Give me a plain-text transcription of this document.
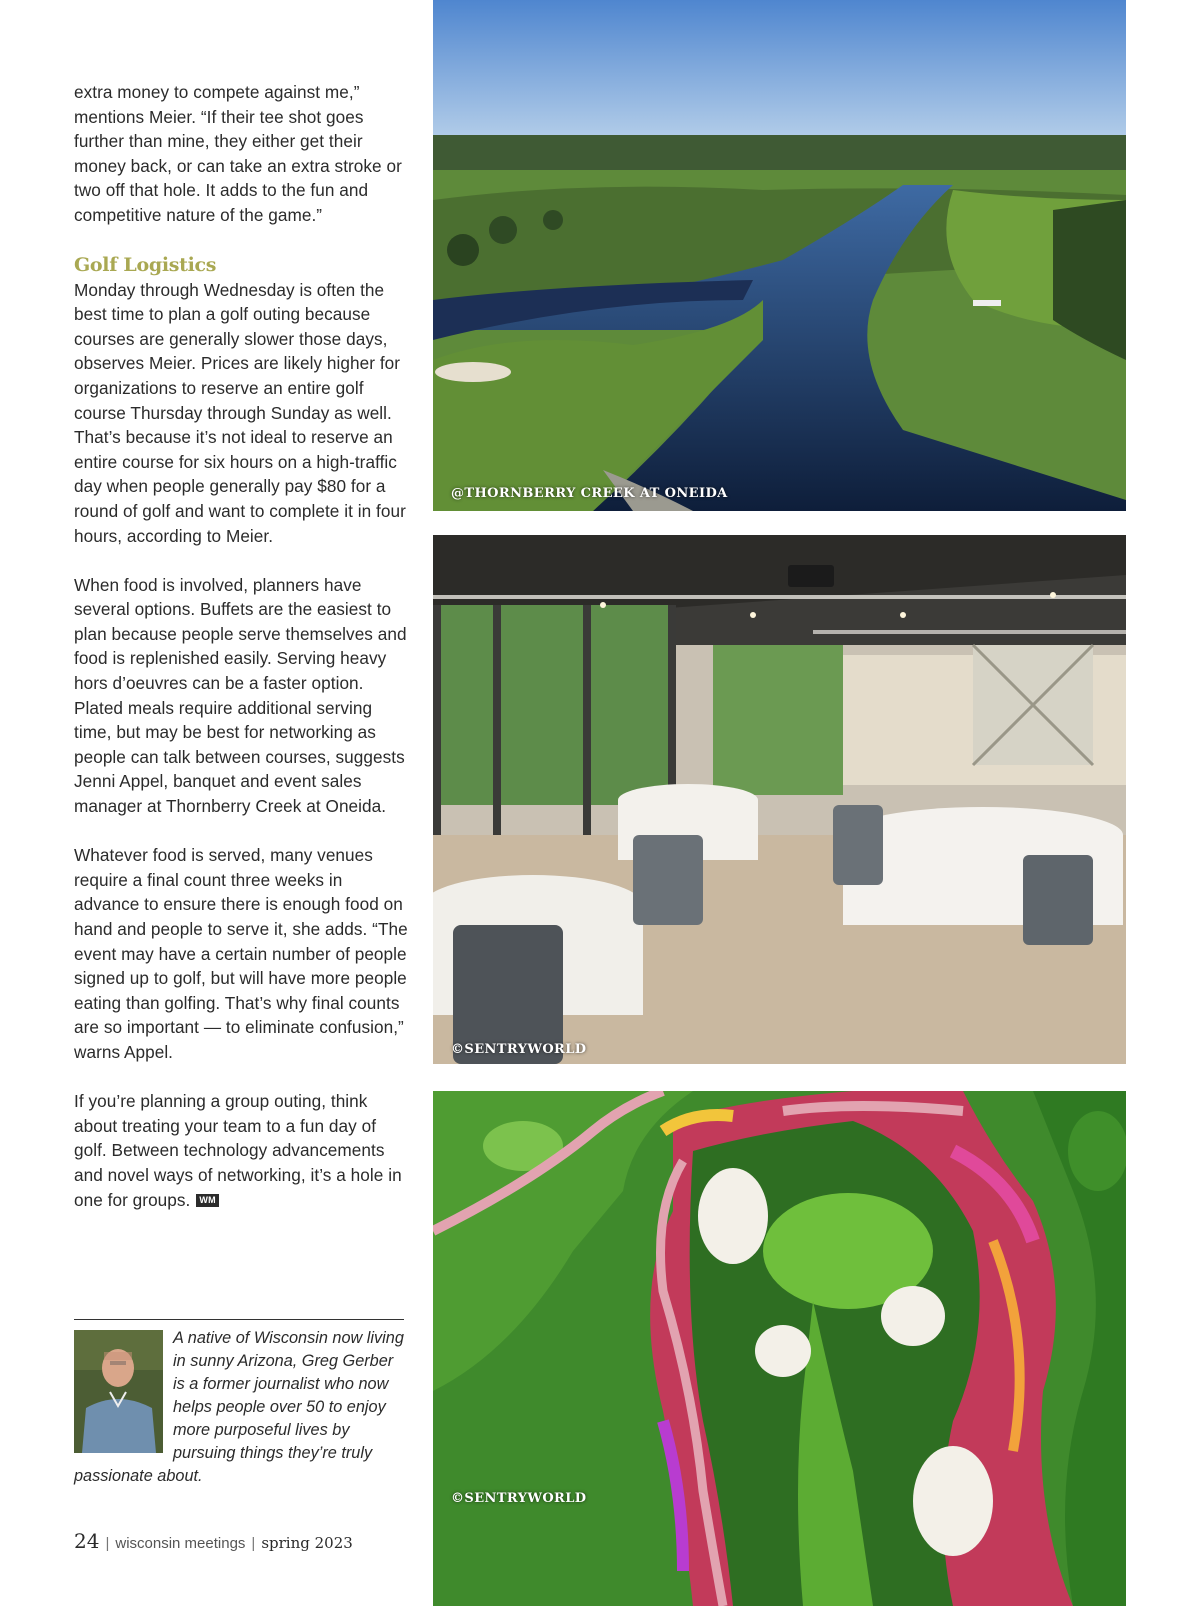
extra money to compete against me,” mentions Meier. “If their tee shot goes further than mine, they either get their money back, or can take an extra stroke or two off that hole. It adds to the fun and competitive nature of the game.”

Golf Logistics

Monday through Wednesday is often the best time to plan a golf outing because courses are generally slower those days, observes Meier. Prices are likely higher for organizations to reserve an entire golf course Thursday through Sunday as well. That’s because it’s not ideal to reserve an entire course for six hours on a high-traffic day when people generally pay $80 for a round of golf and want to complete it in four hours, according to Meier.

When food is involved, planners have several options. Buffets are the easiest to plan because people serve themselves and food is replenished easily. Serving heavy hors d’oeuvres can be a faster option. Plated meals require additional serving time, but may be best for networking as people can talk between courses, suggests Jenni Appel, banquet and event sales manager at Thornberry Creek at Oneida.

Whatever food is served, many venues require a final count three weeks in advance to ensure there is enough food on hand and people to serve it, she adds. “The event may have a certain number of people signed up to golf, but will have more people eating than golfing. That’s why final counts are so important — to eliminate confusion,” warns Appel.

If you’re planning a group outing, think about treating your team to a fun day of golf. Between technology advancements and novel ways of networking, it’s a hole in one for groups. WM

A native of Wisconsin now living in sunny Arizona, Greg Gerber is a former journalist who now helps people over 50 to enjoy more purposeful lives by pursuing things they’re truly passionate about.
24 | wisconsin meetings | spring 2023
@THORNBERRY CREEK AT ONEIDA
©SENTRYWORLD
©SENTRYWORLD
